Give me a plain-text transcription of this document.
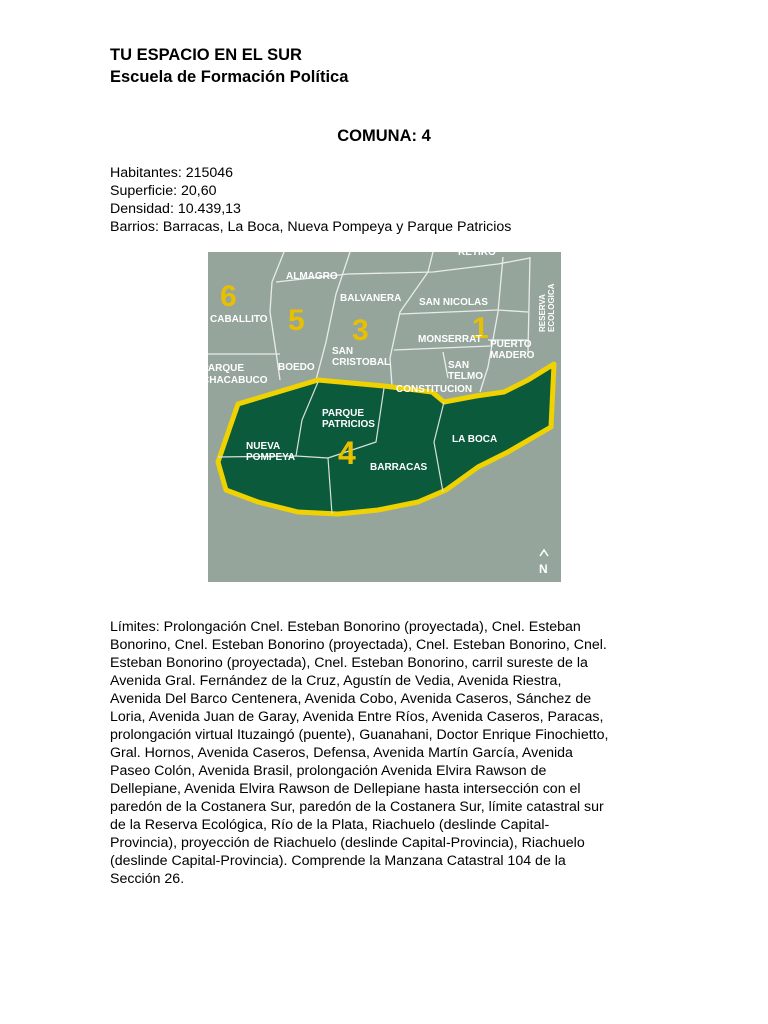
TU ESPACIO EN EL SUR
Escuela de Formación Política
COMUNA: 4
Habitantes: 215046
Superficie: 20,60
Densidad: 10.439,13
Barrios: Barracas, La Boca, Nueva Pompeya y Parque Patricios
6
5 3	1
4
RETIRO
ALMAGRO
BALVANERA SAN NICOLAS
CABALLITO
MONSERRAT PUERTO
MADERO
BOEDO
SAN
CRISTOBAL	SAN
TELMO
PARQUE
CHACABUCO
CONSTITUCION
PARQUE
PATRICIOS
NUEVA
POMPEYA
LA BOCA
BARRACAS
RESERVA ECOLOGICA
N
Límites: Prolongación Cnel. Esteban Bonorino (proyectada), Cnel. Esteban
Bonorino, Cnel. Esteban Bonorino (proyectada), Cnel. Esteban Bonorino, Cnel.
Esteban Bonorino (proyectada), Cnel. Esteban Bonorino, carril sureste de la
Avenida Gral. Fernández de la Cruz, Agustín de Vedia, Avenida Riestra,
Avenida Del Barco Centenera, Avenida Cobo, Avenida Caseros, Sánchez de
Loria, Avenida Juan de Garay, Avenida Entre Ríos, Avenida Caseros, Paracas,
prolongación virtual Ituzaingó (puente), Guanahani, Doctor Enrique Finochietto,
Gral. Hornos, Avenida Caseros, Defensa, Avenida Martín García, Avenida
Paseo Colón, Avenida Brasil, prolongación Avenida Elvira Rawson de
Dellepiane, Avenida Elvira Rawson de Dellepiane hasta intersección con el
paredón de la Costanera Sur, paredón de la Costanera Sur, límite catastral sur
de la Reserva Ecológica, Río de la Plata, Riachuelo (deslinde Capital-
Provincia), proyección de Riachuelo (deslinde Capital-Provincia), Riachuelo
(deslinde Capital-Provincia). Comprende la Manzana Catastral 104 de la
Sección 26.
